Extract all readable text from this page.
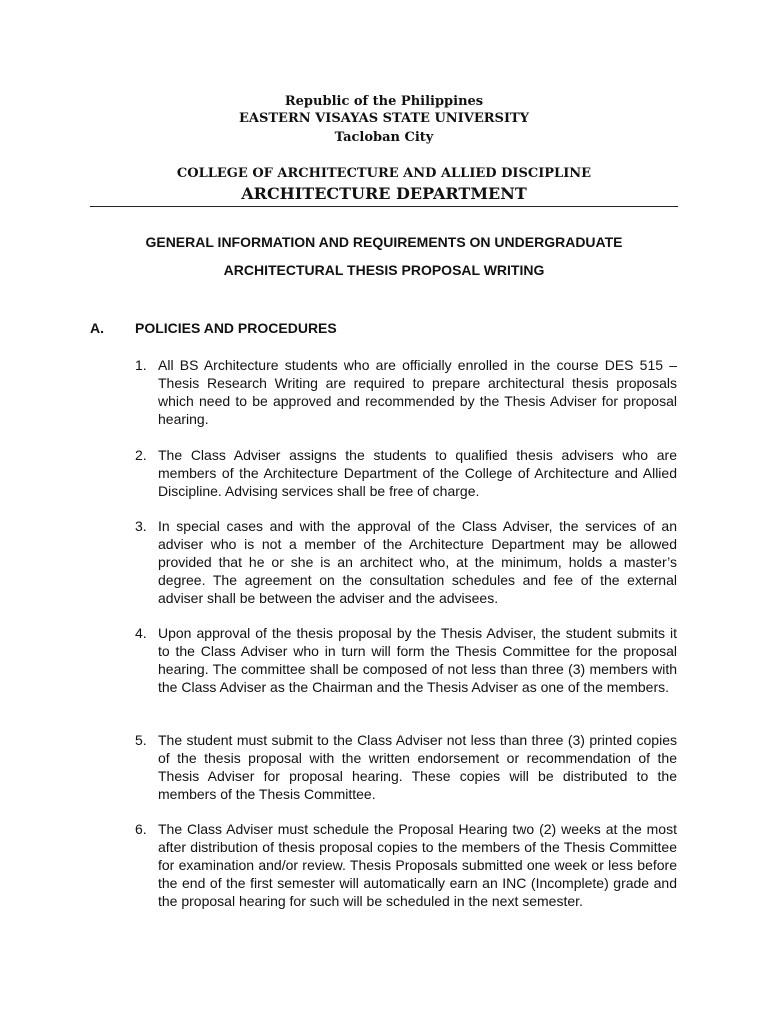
Republic of the Philippines
EASTERN VISAYAS STATE UNIVERSITY
Tacloban City
COLLEGE OF ARCHITECTURE AND ALLIED DISCIPLINE
ARCHITECTURE DEPARTMENT
GENERAL INFORMATION AND REQUIREMENTS ON UNDERGRADUATE
ARCHITECTURAL THESIS PROPOSAL WRITING
A. POLICIES AND PROCEDURES
1. All BS Architecture students who are officially enrolled in the course DES 515 – Thesis Research Writing are required to prepare architectural thesis proposals which need to be approved and recommended by the Thesis Adviser for proposal hearing.
2. The Class Adviser assigns the students to qualified thesis advisers who are members of the Architecture Department of the College of Architecture and Allied Discipline. Advising services shall be free of charge.
3. In special cases and with the approval of the Class Adviser, the services of an adviser who is not a member of the Architecture Department may be allowed provided that he or she is an architect who, at the minimum, holds a master’s degree. The agreement on the consultation schedules and fee of the external adviser shall be between the adviser and the advisees.
4. Upon approval of the thesis proposal by the Thesis Adviser, the student submits it to the Class Adviser who in turn will form the Thesis Committee for the proposal hearing. The committee shall be composed of not less than three (3) members with the Class Adviser as the Chairman and the Thesis Adviser as one of the members.
5. The student must submit to the Class Adviser not less than three (3) printed copies of the thesis proposal with the written endorsement or recommendation of the Thesis Adviser for proposal hearing. These copies will be distributed to the members of the Thesis Committee.
6. The Class Adviser must schedule the Proposal Hearing two (2) weeks at the most after distribution of thesis proposal copies to the members of the Thesis Committee for examination and/or review. Thesis Proposals submitted one week or less before the end of the first semester will automatically earn an INC (Incomplete) grade and the proposal hearing for such will be scheduled in the next semester.
